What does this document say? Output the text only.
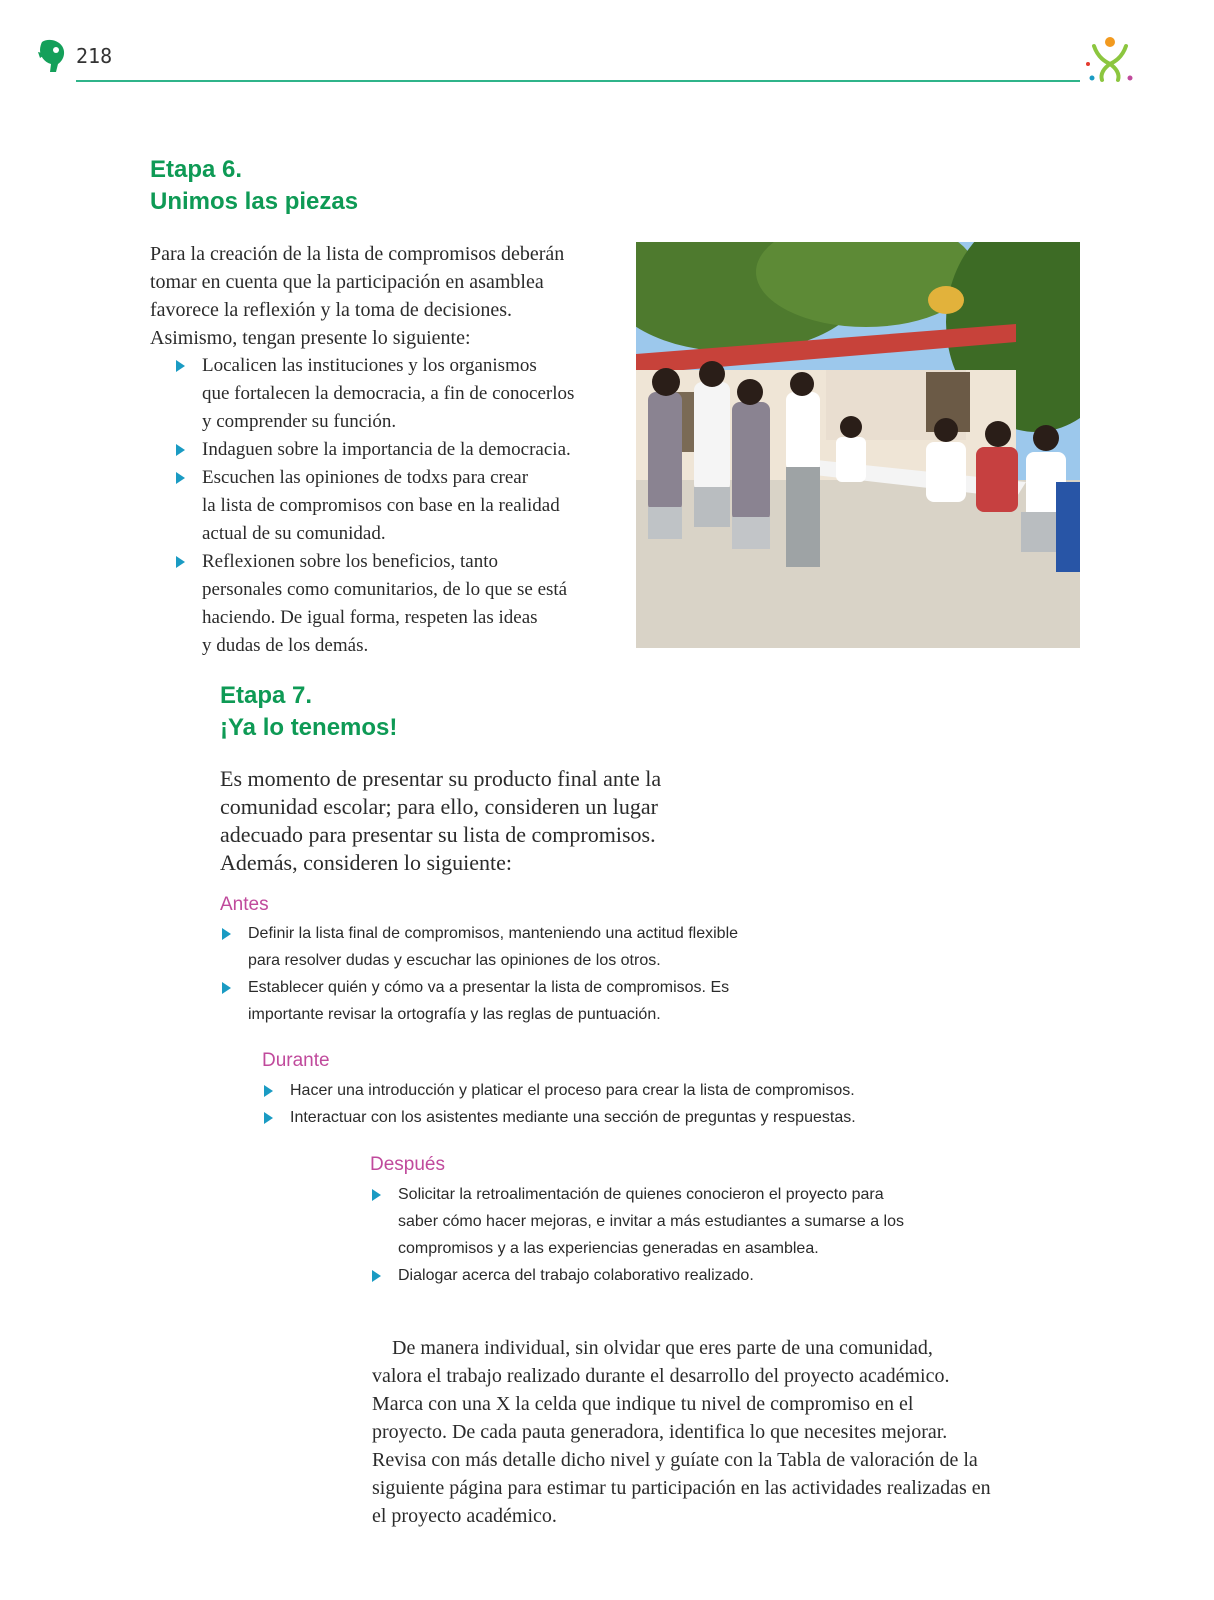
218
Etapa 6.
Unimos las piezas

Para la creación de la lista de compromisos deberán
tomar en cuenta que la participación en asamblea
favorece la reflexión y la toma de decisiones.
Asimismo, tengan presente lo siguiente:

Localicen las instituciones y los organismos
que fortalecen la democracia, a fin de conocerlos
y comprender su función.
Indaguen sobre la importancia de la democracia.
Escuchen las opiniones de todxs para crear
la lista de compromisos con base en la realidad
actual de su comunidad.
Reflexionen sobre los beneficios, tanto
personales como comunitarios, de lo que se está
haciendo. De igual forma, respeten las ideas
y dudas de los demás.
Etapa 7.
¡Ya lo tenemos!

Es momento de presentar su producto final ante la
comunidad escolar; para ello, consideren un lugar
adecuado para presentar su lista de compromisos.
Además, consideren lo siguiente:

Antes

Definir la lista final de compromisos, manteniendo una actitud flexible
para resolver dudas y escuchar las opiniones de los otros.
Establecer quién y cómo va a presentar la lista de compromisos. Es
importante revisar la ortografía y las reglas de puntuación.

Durante

Hacer una introducción y platicar el proceso para crear la lista de compromisos.
Interactuar con los asistentes mediante una sección de preguntas y respuestas.

Después

Solicitar la retroalimentación de quienes conocieron el proyecto para
saber cómo hacer mejoras, e invitar a más estudiantes a sumarse a los
compromisos y a las experiencias generadas en asamblea.
Dialogar acerca del trabajo colaborativo realizado.

De manera individual, sin olvidar que eres parte de una comunidad,
valora el trabajo realizado durante el desarrollo del proyecto académico.
Marca con una X la celda que indique tu nivel de compromiso en el
proyecto. De cada pauta generadora, identifica lo que necesites mejorar.
Revisa con más detalle dicho nivel y guíate con la Tabla de valoración de la
siguiente página para estimar tu participación en las actividades realizadas en
el proyecto académico.
